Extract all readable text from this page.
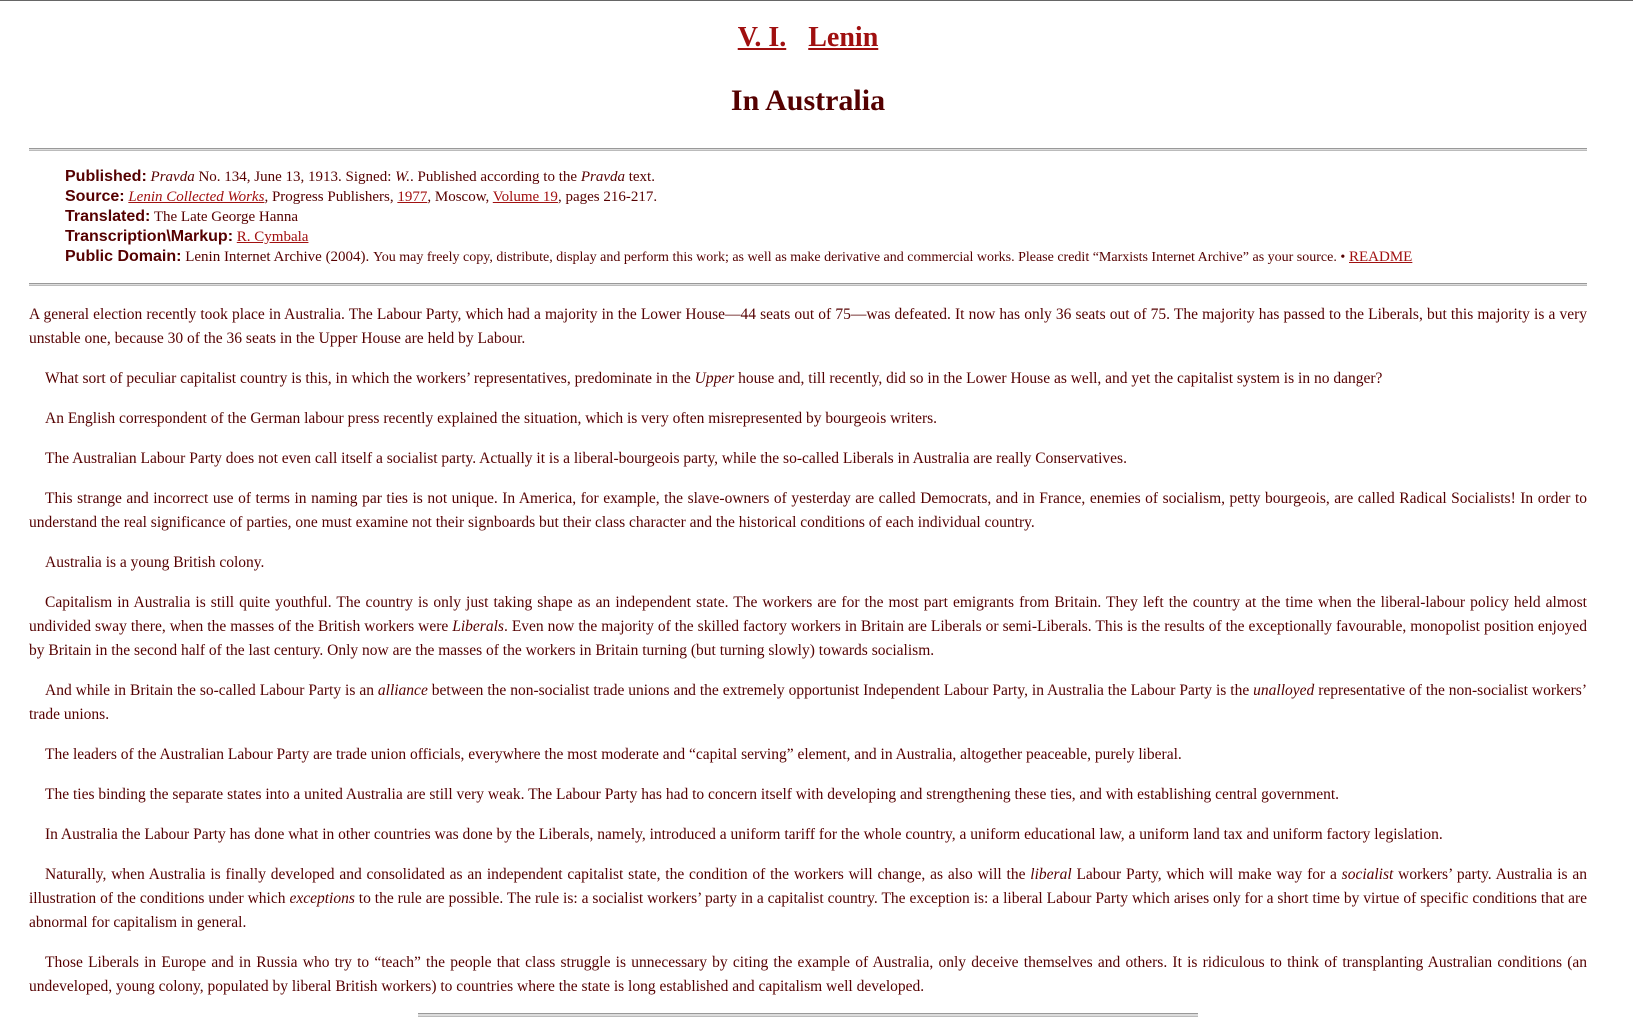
V. I. Lenin
In Australia
Published: Pravda No. 134, June 13, 1913. Signed: W.. Published according to the Pravda text.
Source: Lenin Collected Works, Progress Publishers, 1977, Moscow, Volume 19, pages 216-217.
Translated: The Late George Hanna
Transcription\Markup: R. Cymbala
Public Domain: Lenin Internet Archive (2004). You may freely copy, distribute, display and perform this work; as well as make derivative and commercial works. Please credit “Marxists Internet Archive” as your source. • README

A general election recently took place in Australia. The Labour Party, which had a majority in the Lower House—44 seats out of 75—was defeated. It now has only 36 seats out of 75. The majority has passed to the Liberals, but this majority is a very unstable one, because 30 of the 36 seats in the Upper House are held by Labour.

What sort of peculiar capitalist country is this, in which the workers’ representatives, predominate in the Upper house and, till recently, did so in the Lower House as well, and yet the capitalist system is in no danger?

An English correspondent of the German labour press recently explained the situation, which is very often misrepresented by bourgeois writers.

The Australian Labour Party does not even call itself a socialist party. Actually it is a liberal-bourgeois party, while the so-called Liberals in Australia are really Conservatives.

This strange and incorrect use of terms in naming par ties is not unique. In America, for example, the slave-owners of yesterday are called Democrats, and in France, enemies of socialism, petty bourgeois, are called Radical Socialists! In order to understand the real significance of parties, one must examine not their signboards but their class character and the historical conditions of each individual country.

Australia is a young British colony.

Capitalism in Australia is still quite youthful. The country is only just taking shape as an independent state. The workers are for the most part emigrants from Britain. They left the country at the time when the liberal-labour policy held almost undivided sway there, when the masses of the British workers were Liberals. Even now the majority of the skilled factory workers in Britain are Liberals or semi-Liberals. This is the results of the exceptionally favourable, monopolist position enjoyed by Britain in the second half of the last century. Only now are the masses of the workers in Britain turning (but turning slowly) towards socialism.

And while in Britain the so-called Labour Party is an alliance between the non-socialist trade unions and the extremely opportunist Independent Labour Party, in Australia the Labour Party is the unalloyed representative of the non-socialist workers’ trade unions.

The leaders of the Australian Labour Party are trade union officials, everywhere the most moderate and “capital serving” element, and in Australia, altogether peaceable, purely liberal.

The ties binding the separate states into a united Australia are still very weak. The Labour Party has had to concern itself with developing and strengthening these ties, and with establishing central government.

In Australia the Labour Party has done what in other countries was done by the Liberals, namely, introduced a uniform tariff for the whole country, a uniform educational law, a uniform land tax and uniform factory legislation.

Naturally, when Australia is finally developed and consolidated as an independent capitalist state, the condition of the workers will change, as also will the liberal Labour Party, which will make way for a socialist workers’ party. Australia is an illustration of the conditions under which exceptions to the rule are possible. The rule is: a socialist workers’ party in a capitalist country. The exception is: a liberal Labour Party which arises only for a short time by virtue of specific conditions that are abnormal for capitalism in general.

Those Liberals in Europe and in Russia who try to “teach” the people that class struggle is unnecessary by citing the example of Australia, only deceive themselves and others. It is ridiculous to think of transplanting Australian conditions (an undeveloped, young colony, populated by liberal British workers) to countries where the state is long established and capitalism well developed.
